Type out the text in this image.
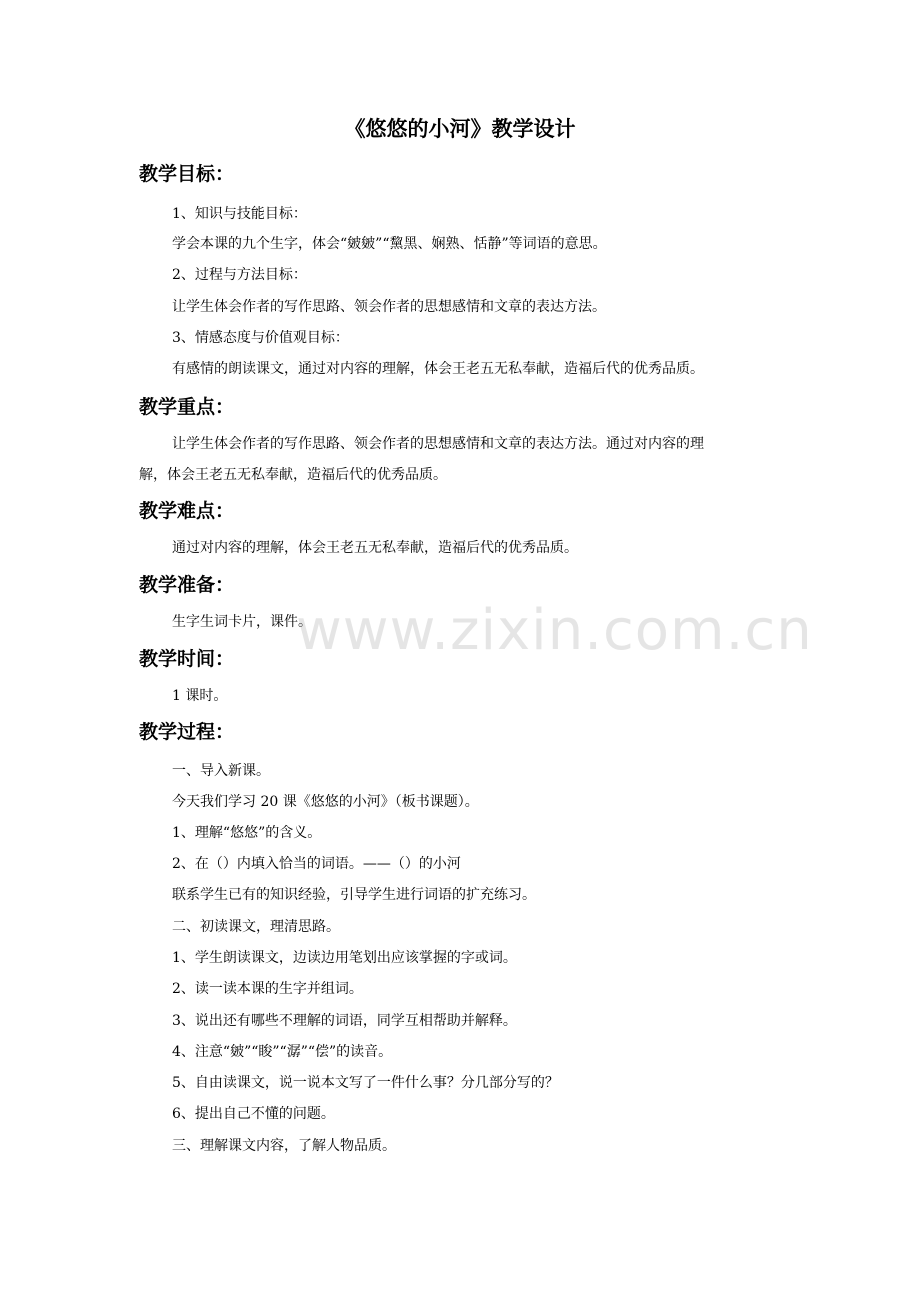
《悠悠的小河》教学设计
教学目标：
1、知识与技能目标：
学会本课的九个生字，体会“皴皴”“黧黑、娴熟、恬静”等词语的意思。
2、过程与方法目标：
让学生体会作者的写作思路、领会作者的思想感情和文章的表达方法。
3、情感态度与价值观目标：
有感情的朗读课文，通过对内容的理解，体会王老五无私奉献，造福后代的优秀品质。
教学重点：
让学生体会作者的写作思路、领会作者的思想感情和文章的表达方法。通过对内容的理
解，体会王老五无私奉献，造福后代的优秀品质。
教学难点：
通过对内容的理解，体会王老五无私奉献，造福后代的优秀品质。
教学准备：
生字生词卡片，课件。
教学时间：
1 课时。
教学过程：
一、导入新课。
今天我们学习 20 课《悠悠的小河》（板书课题）。
1、理解“悠悠”的含义。
2、在（）内填入恰当的词语。——（）的小河
联系学生已有的知识经验，引导学生进行词语的扩充练习。
二、初读课文，理清思路。
1、学生朗读课文，边读边用笔划出应该掌握的字或词。
2、读一读本课的生字并组词。
3、说出还有哪些不理解的词语，同学互相帮助并解释。
4、注意“皴”“睃”“潺”“偿”的读音。
5、自由读课文，说一说本文写了一件什么事？分几部分写的？
6、提出自己不懂的问题。
三、理解课文内容，了解人物品质。
www.zixin.com.cn
